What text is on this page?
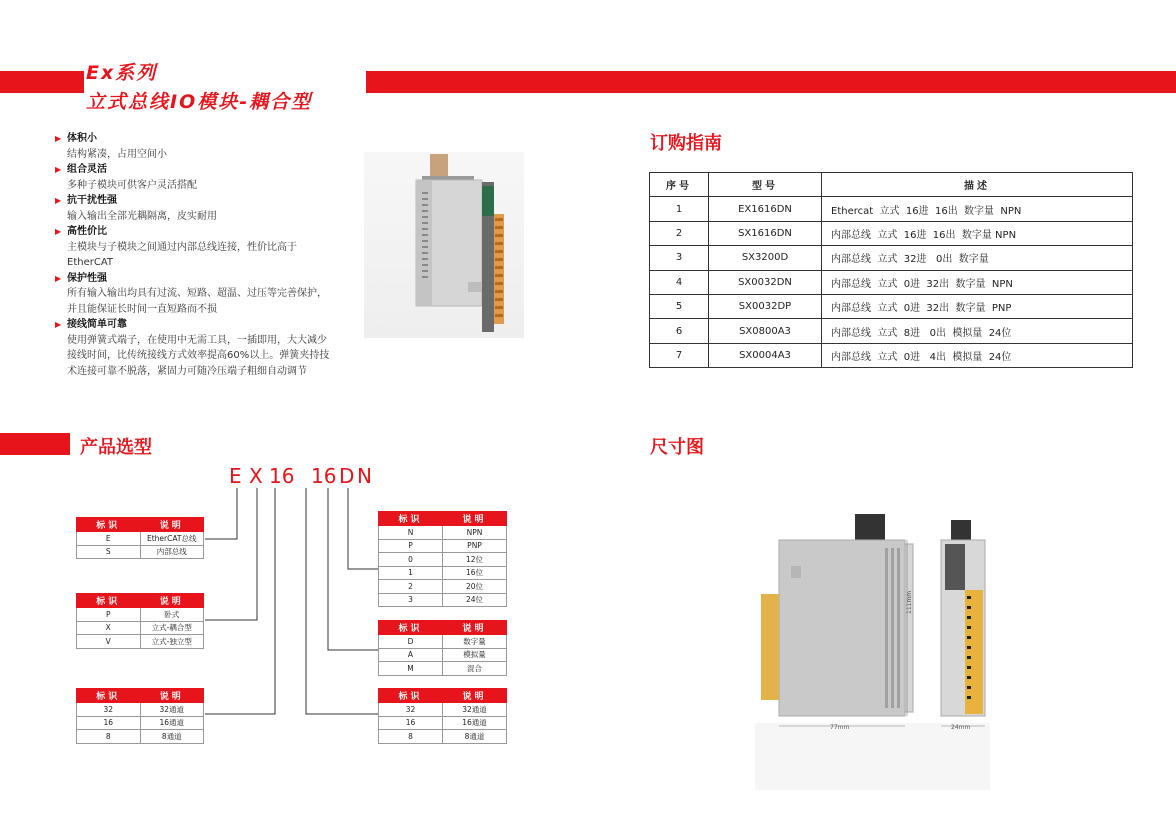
Ex系列
立式总线IO模块-耦合型
▶ 体积小
结构紧凑，占用空间小
▶ 组合灵活
多种子模块可供客户灵活搭配
▶ 抗干扰性强
输入输出全部光耦隔离，皮实耐用
▶ 高性价比
主模块与子模块之间通过内部总线连接，性价比高于EtherCAT
▶ 保护性强
所有输入输出均具有过流、短路、超温、过压等完善保护，并且能保证长时间一直短路而不损
▶ 接线简单可靠
使用弹簧式端子，在使用中无需工具，一插即用，大大减少接线时间，比传统接线方式效率提高60%以上。弹簧夹持技术连接可靠不脱落，紧固力可随冷压端子粗细自动调节
订购指南
序号	型号	描述
1	EX1616DN	Ethercat  立式  16进  16出  数字量  NPN
2	SX1616DN	内部总线  立式  16进  16出  数字量 NPN
3	SX3200D	内部总线  立式  32进   0出  数字量
4	SX0032DN	内部总线  立式  0进  32出  数字量  NPN
5	SX0032DP	内部总线  立式  0进  32出  数字量  PNP
6	SX0800A3	内部总线  立式  8进   0出  模拟量  24位
7	SX0004A3	内部总线  立式  0进   4出  模拟量  24位
产品选型
E X 16 16 D N
标识	说明
E	EtherCAT总线
S	内部总线
标识	说明
P	卧式
X	立式-耦合型
V	立式-独立型
标识	说明
32	32通道
16	16通道
8	8通道
标识	说明
N	NPN
P	PNP
0	12位
1	16位
2	20位
3	24位
标识	说明
D	数字量
A	模拟量
M	混合
标识	说明
32	32通道
16	16通道
8	8通道
尺寸图
77mm	24mm
111mm
